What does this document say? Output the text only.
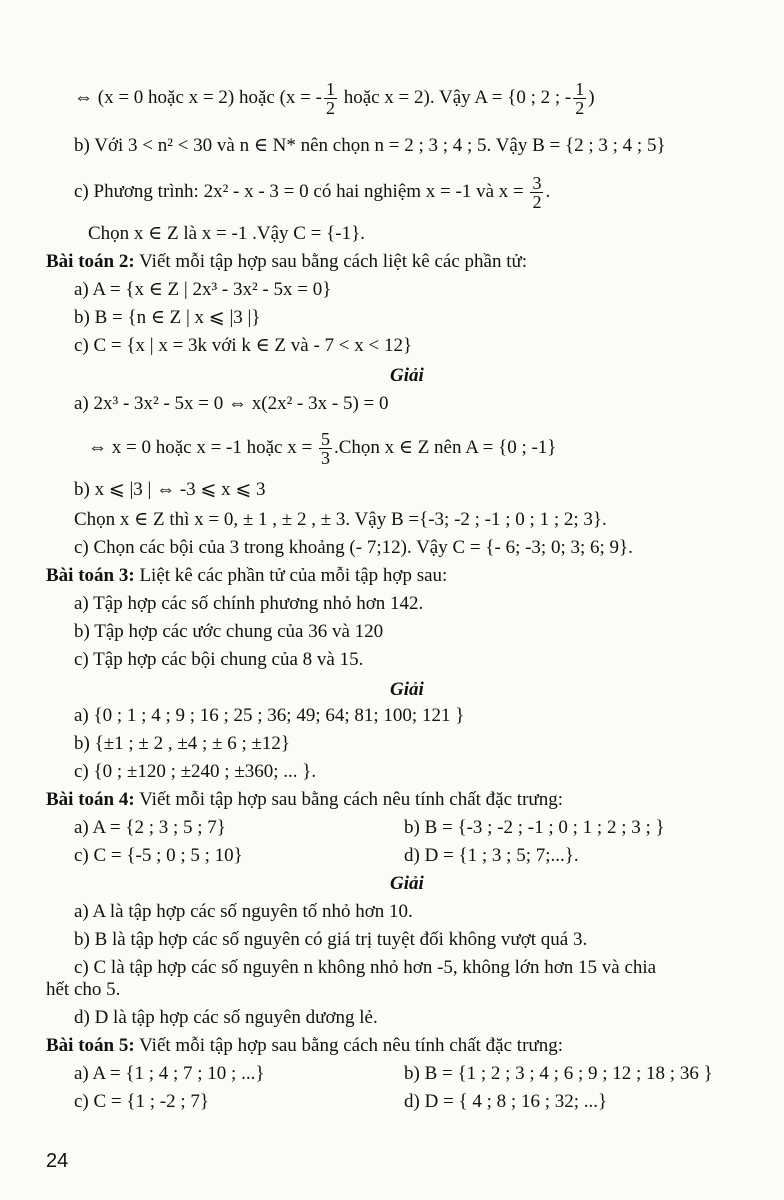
⇔ (x = 0 hoặc x = 2) hoặc (x = - $\frac{1}{2}$ hoặc x = 2). Vậy A = {0 ; 2 ; - $\frac{1}{2}$ )
b) Với 3 < n² < 30 và n ∈ N* nên chọn n = 2 ; 3 ; 4 ; 5. Vậy B = {2 ; 3 ; 4 ; 5}
c) Phương trình: 2x² - x - 3 = 0 có hai nghiệm x = -1 và $x = \frac{3}{2}$ .
Chọn x ∈ Z là x = -1 .Vậy C = {-1}.
Bài toán 2: Viết mỗi tập hợp sau bằng cách liệt kê các phần tử:
a) A = {x ∈ Z | 2x³ - 3x² - 5x = 0}
b) B = {n ∈ Z | x ⩽ |3 |}
c) C = {x | x = 3k với k ∈ Z và - 7 < x < 12}
Giải
a) 2x³ - 3x² - 5x = 0 ⇔ x(2x² - 3x - 5) = 0
⇔ x = 0 hoặc x = -1 hoặc $x = \frac{5}{3}$ .Chọn x ∈ Z nên A = {0 ; -1}
b) x ⩽ |3 | ⇔ -3 ⩽ x ⩽ 3
Chọn x ∈ Z thì x = 0, ± 1 , ± 2 , ± 3. Vậy B ={-3; -2 ; -1 ; 0 ; 1 ; 2; 3}.
c) Chọn các bội của 3 trong khoảng (- 7;12). Vậy C = {- 6; -3; 0; 3; 6; 9}.
Bài toán 3: Liệt kê các phần tử của mỗi tập hợp sau:
a) Tập hợp các số chính phương nhỏ hơn 142.
b) Tập hợp các ước chung của 36 và 120
c) Tập hợp các bội chung của 8 và 15.
Giải
a) {0 ; 1 ; 4 ; 9 ; 16 ; 25 ; 36; 49; 64; 81; 100; 121 }
b) {±1 ; ± 2 , ±4 ; ± 6 ; ±12}
c) {0 ; ±120 ; ±240 ; ±360; ... }.
Bài toán 4: Viết mỗi tập hợp sau bằng cách nêu tính chất đặc trưng:
a) A = {2 ; 3 ; 5 ; 7}	b) B = {-3 ; -2 ; -1 ; 0 ; 1 ; 2 ; 3 ; }
c) C = {-5 ; 0 ; 5 ; 10}	d) D = {1 ; 3 ; 5; 7;...}.
Giải
a) A là tập hợp các số nguyên tố nhỏ hơn 10.
b) B là tập hợp các số nguyên có giá trị tuyệt đối không vượt quá 3.
c) C là tập hợp các số nguyên n không nhỏ hơn -5, không lớn hơn 15 và chia
hết cho 5.
d) D là tập hợp các số nguyên dương lẻ.
Bài toán 5: Viết mỗi tập hợp sau bằng cách nêu tính chất đặc trưng:
a) A = {1 ; 4 ; 7 ; 10 ; ...}	b) B = {1 ; 2 ; 3 ; 4 ; 6 ; 9 ; 12 ; 18 ; 36 }
c) C = {1 ; -2 ; 7}	d) D = { 4 ; 8 ; 16 ; 32; ...}
24
